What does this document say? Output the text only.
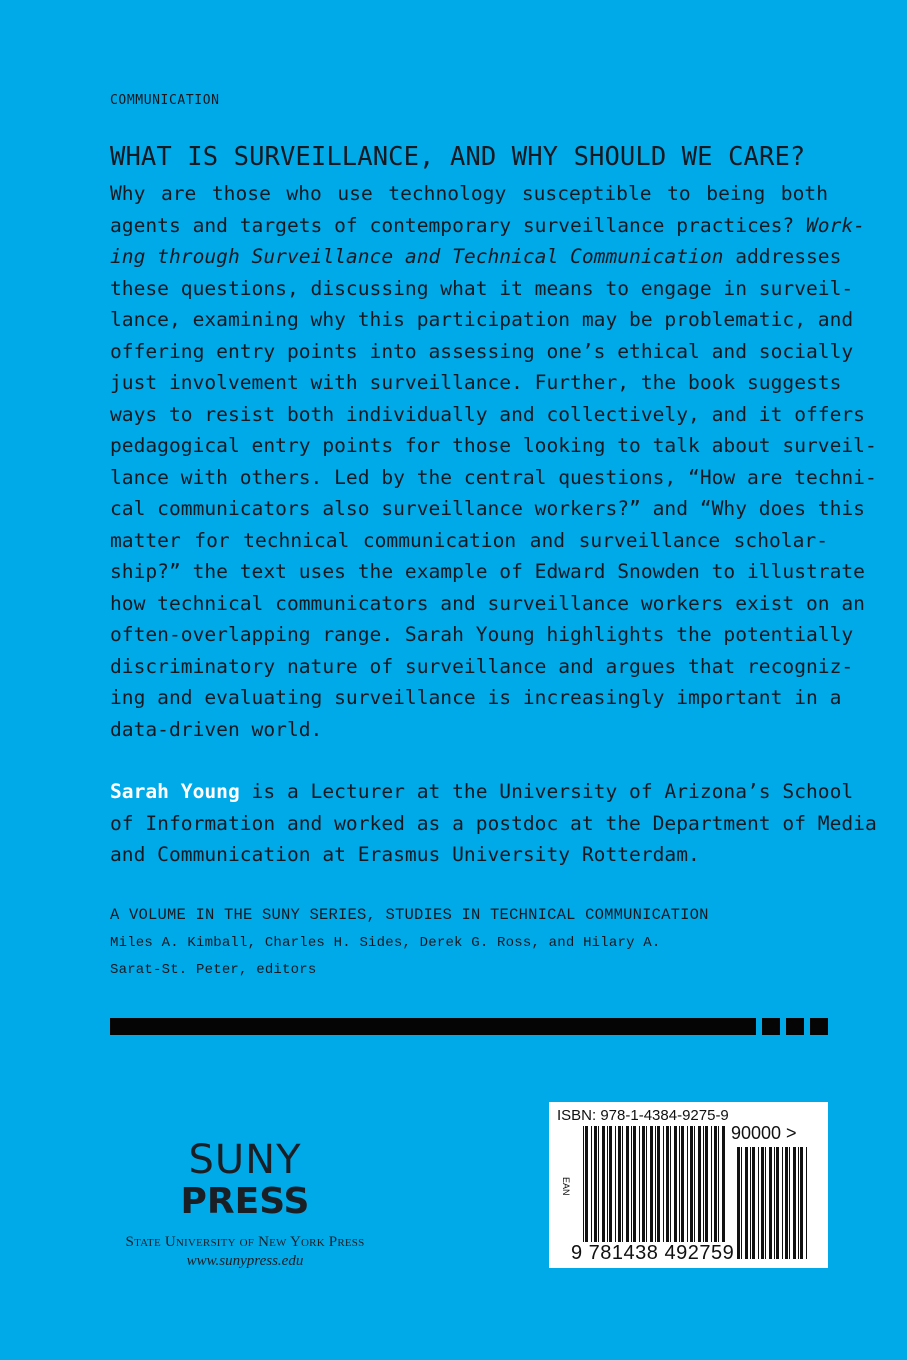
COMMUNICATION
WHAT IS SURVEILLANCE, AND WHY SHOULD WE CARE?
Why are those who use technology susceptible to being both
agents and targets of contemporary surveillance practices? Work-
ing through Surveillance and Technical Communication addresses
these questions, discussing what it means to engage in surveil-
lance, examining why this participation may be problematic, and
offering entry points into assessing one’s ethical and socially
just involvement with surveillance. Further, the book suggests
ways to resist both individually and collectively, and it offers
pedagogical entry points for those looking to talk about surveil-
lance with others. Led by the central questions, “How are techni-
cal communicators also surveillance workers?” and “Why does this
matter for technical communication and surveillance scholar-
ship?” the text uses the example of Edward Snowden to illustrate
how technical communicators and surveillance workers exist on an
often-overlapping range. Sarah Young highlights the potentially
discriminatory nature of surveillance and argues that recogniz-
ing and evaluating surveillance is increasingly important in a
data-driven world.
Sarah Young is a Lecturer at the University of Arizona’s School
of Information and worked as a postdoc at the Department of Media
and Communication at Erasmus University Rotterdam.
A VOLUME IN THE SUNY SERIES, STUDIES IN TECHNICAL COMMUNICATION
Miles A. Kimball, Charles H. Sides, Derek G. Ross, and Hilary A.
Sarat-St. Peter, editors
SUNY
PRESS
State University of New York Press
www.sunypress.edu
ISBN: 978-1-4384-9275-9
90000 >
EAN
9 781438 492759
